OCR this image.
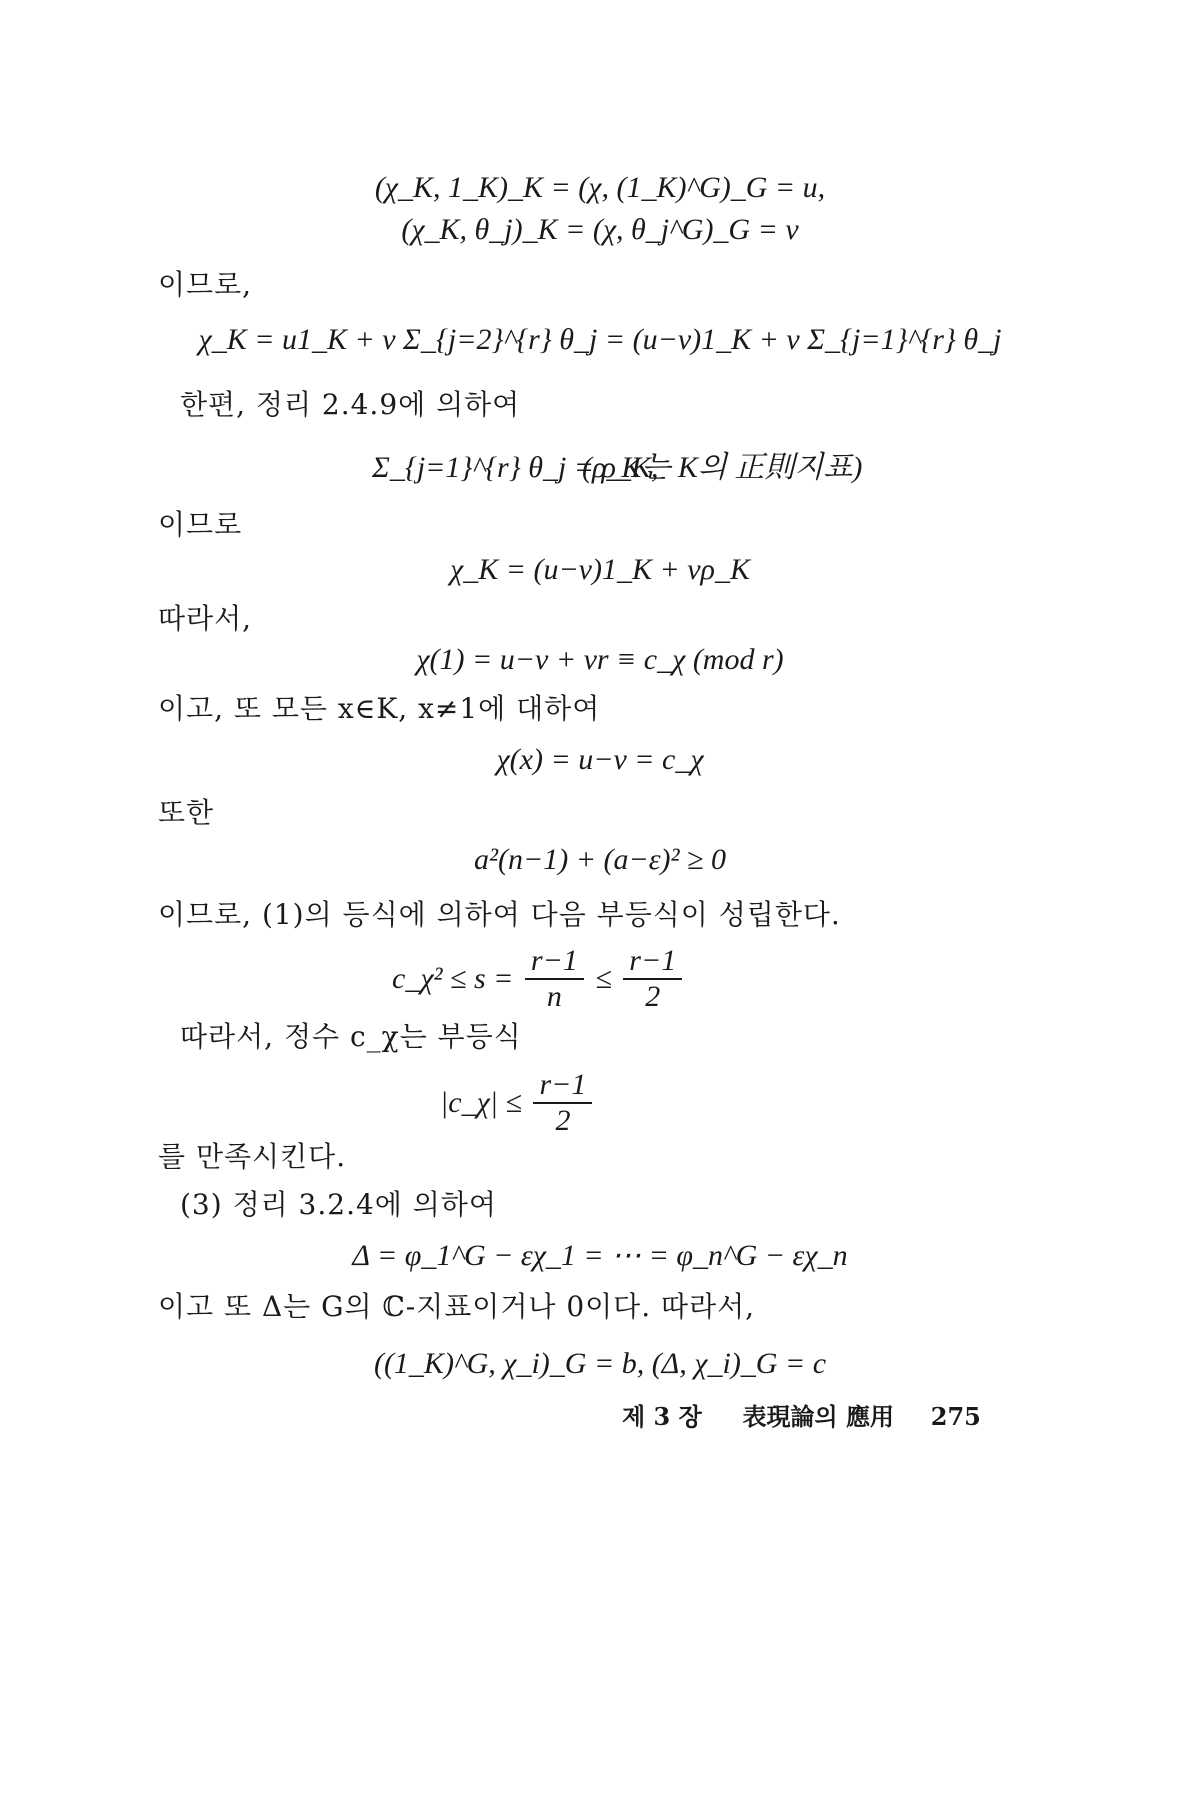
(χ_K, 1_K)_K = (χ, (1_K)^G)_G = u,
(χ_K, θ_j)_K = (χ, θ_j^G)_G = v
이므로,
χ_K = u1_K + v Σ_{j=2}^{r} θ_j = (u−v)1_K + v Σ_{j=1}^{r} θ_j
한편, 정리 2.4.9에 의하여
Σ_{j=1}^{r} θ_j = ρ_K,
(ρ_K는 K의 正則지표)
이므로
χ_K = (u−v)1_K + vρ_K
따라서,
χ(1) = u−v + vr ≡ c_χ (mod r)
이고, 또 모든 x∈K, x≠1에 대하여
χ(x) = u−v = c_χ
또한
a²(n−1) + (a−ε)² ≥ 0
이므로, (1)의 등식에 의하여 다음 부등식이 성립한다.
c_χ² ≤ $s = \frac{r-1}{n} \le \frac{r-1}{2}$
따라서, 정수 c_χ는 부등식
|c_χ| ≤ $\frac{r-1}{2}$
를 만족시킨다.
(3) 정리 3.2.4에 의하여
Δ = φ_1^G − εχ_1 = ⋯ = φ_n^G − εχ_n
이고 또 Δ는 G의 ℂ-지표이거나 0이다. 따라서,
((1_K)^G, χ_i)_G = b, (Δ, χ_i)_G = c
제 3 장 表現論의 應用 275
